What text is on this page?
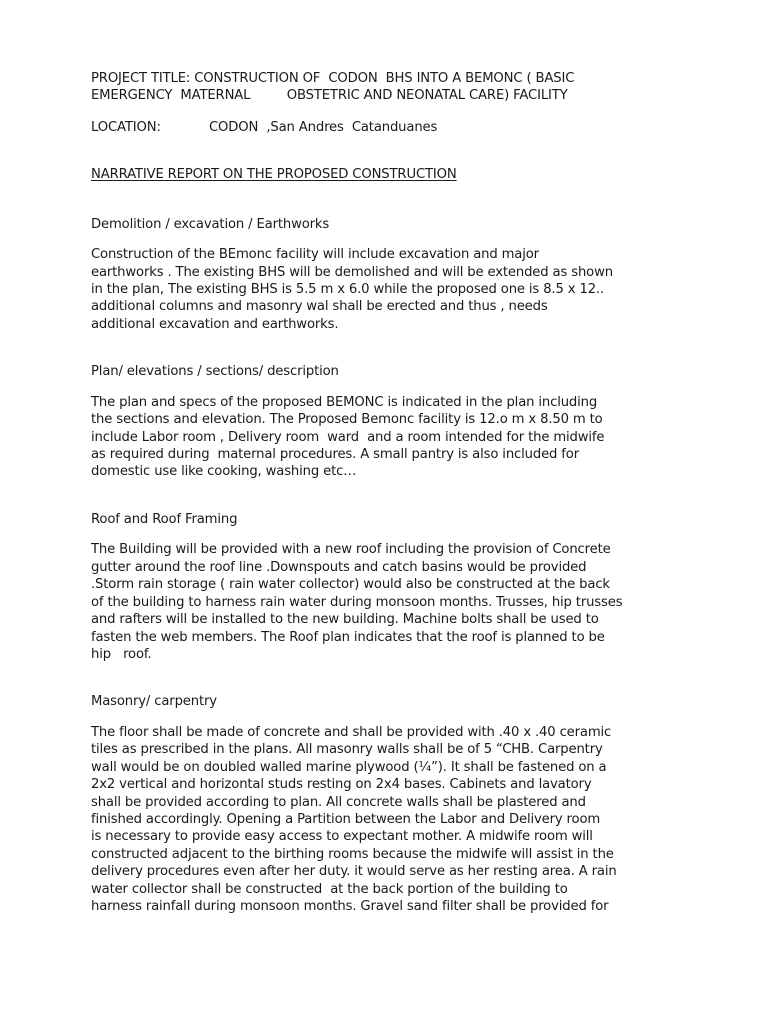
PROJECT TITLE: CONSTRUCTION OF  CODON  BHS INTO A BEMONC ( BASIC

EMERGENCY  MATERNAL         OBSTETRIC AND NEONATAL CARE) FACILITY

LOCATION:	CODON  ,San Andres  Catanduanes

NARRATIVE REPORT ON THE PROPOSED CONSTRUCTION

Demolition / excavation / Earthworks

Construction of the BEmonc facility will include excavation and major

earthworks . The existing BHS will be demolished and will be extended as shown

in the plan, The existing BHS is 5.5 m x 6.0 while the proposed one is 8.5 x 12..

additional columns and masonry wal shall be erected and thus , needs

additional excavation and earthworks.

Plan/ elevations / sections/ description

The plan and specs of the proposed BEMONC is indicated in the plan including

the sections and elevation. The Proposed Bemonc facility is 12.o m x 8.50 m to

include Labor room , Delivery room  ward  and a room intended for the midwife

as required during  maternal procedures. A small pantry is also included for

domestic use like cooking, washing etc…

Roof and Roof Framing

The Building will be provided with a new roof including the provision of Concrete

gutter around the roof line .Downspouts and catch basins would be provided

.Storm rain storage ( rain water collector) would also be constructed at the back

of the building to harness rain water during monsoon months. Trusses, hip trusses

and rafters will be installed to the new building. Machine bolts shall be used to

fasten the web members. The Roof plan indicates that the roof is planned to be

hip   roof.

Masonry/ carpentry

The floor shall be made of concrete and shall be provided with .40 x .40 ceramic

tiles as prescribed in the plans. All masonry walls shall be of 5 “CHB. Carpentry

wall would be on doubled walled marine plywood (¼”). It shall be fastened on a

2x2 vertical and horizontal studs resting on 2x4 bases. Cabinets and lavatory

shall be provided according to plan. All concrete walls shall be plastered and

finished accordingly. Opening a Partition between the Labor and Delivery room

is necessary to provide easy access to expectant mother. A midwife room will

constructed adjacent to the birthing rooms because the midwife will assist in the

delivery procedures even after her duty. it would serve as her resting area. A rain

water collector shall be constructed  at the back portion of the building to

harness rainfall during monsoon months. Gravel sand filter shall be provided for
